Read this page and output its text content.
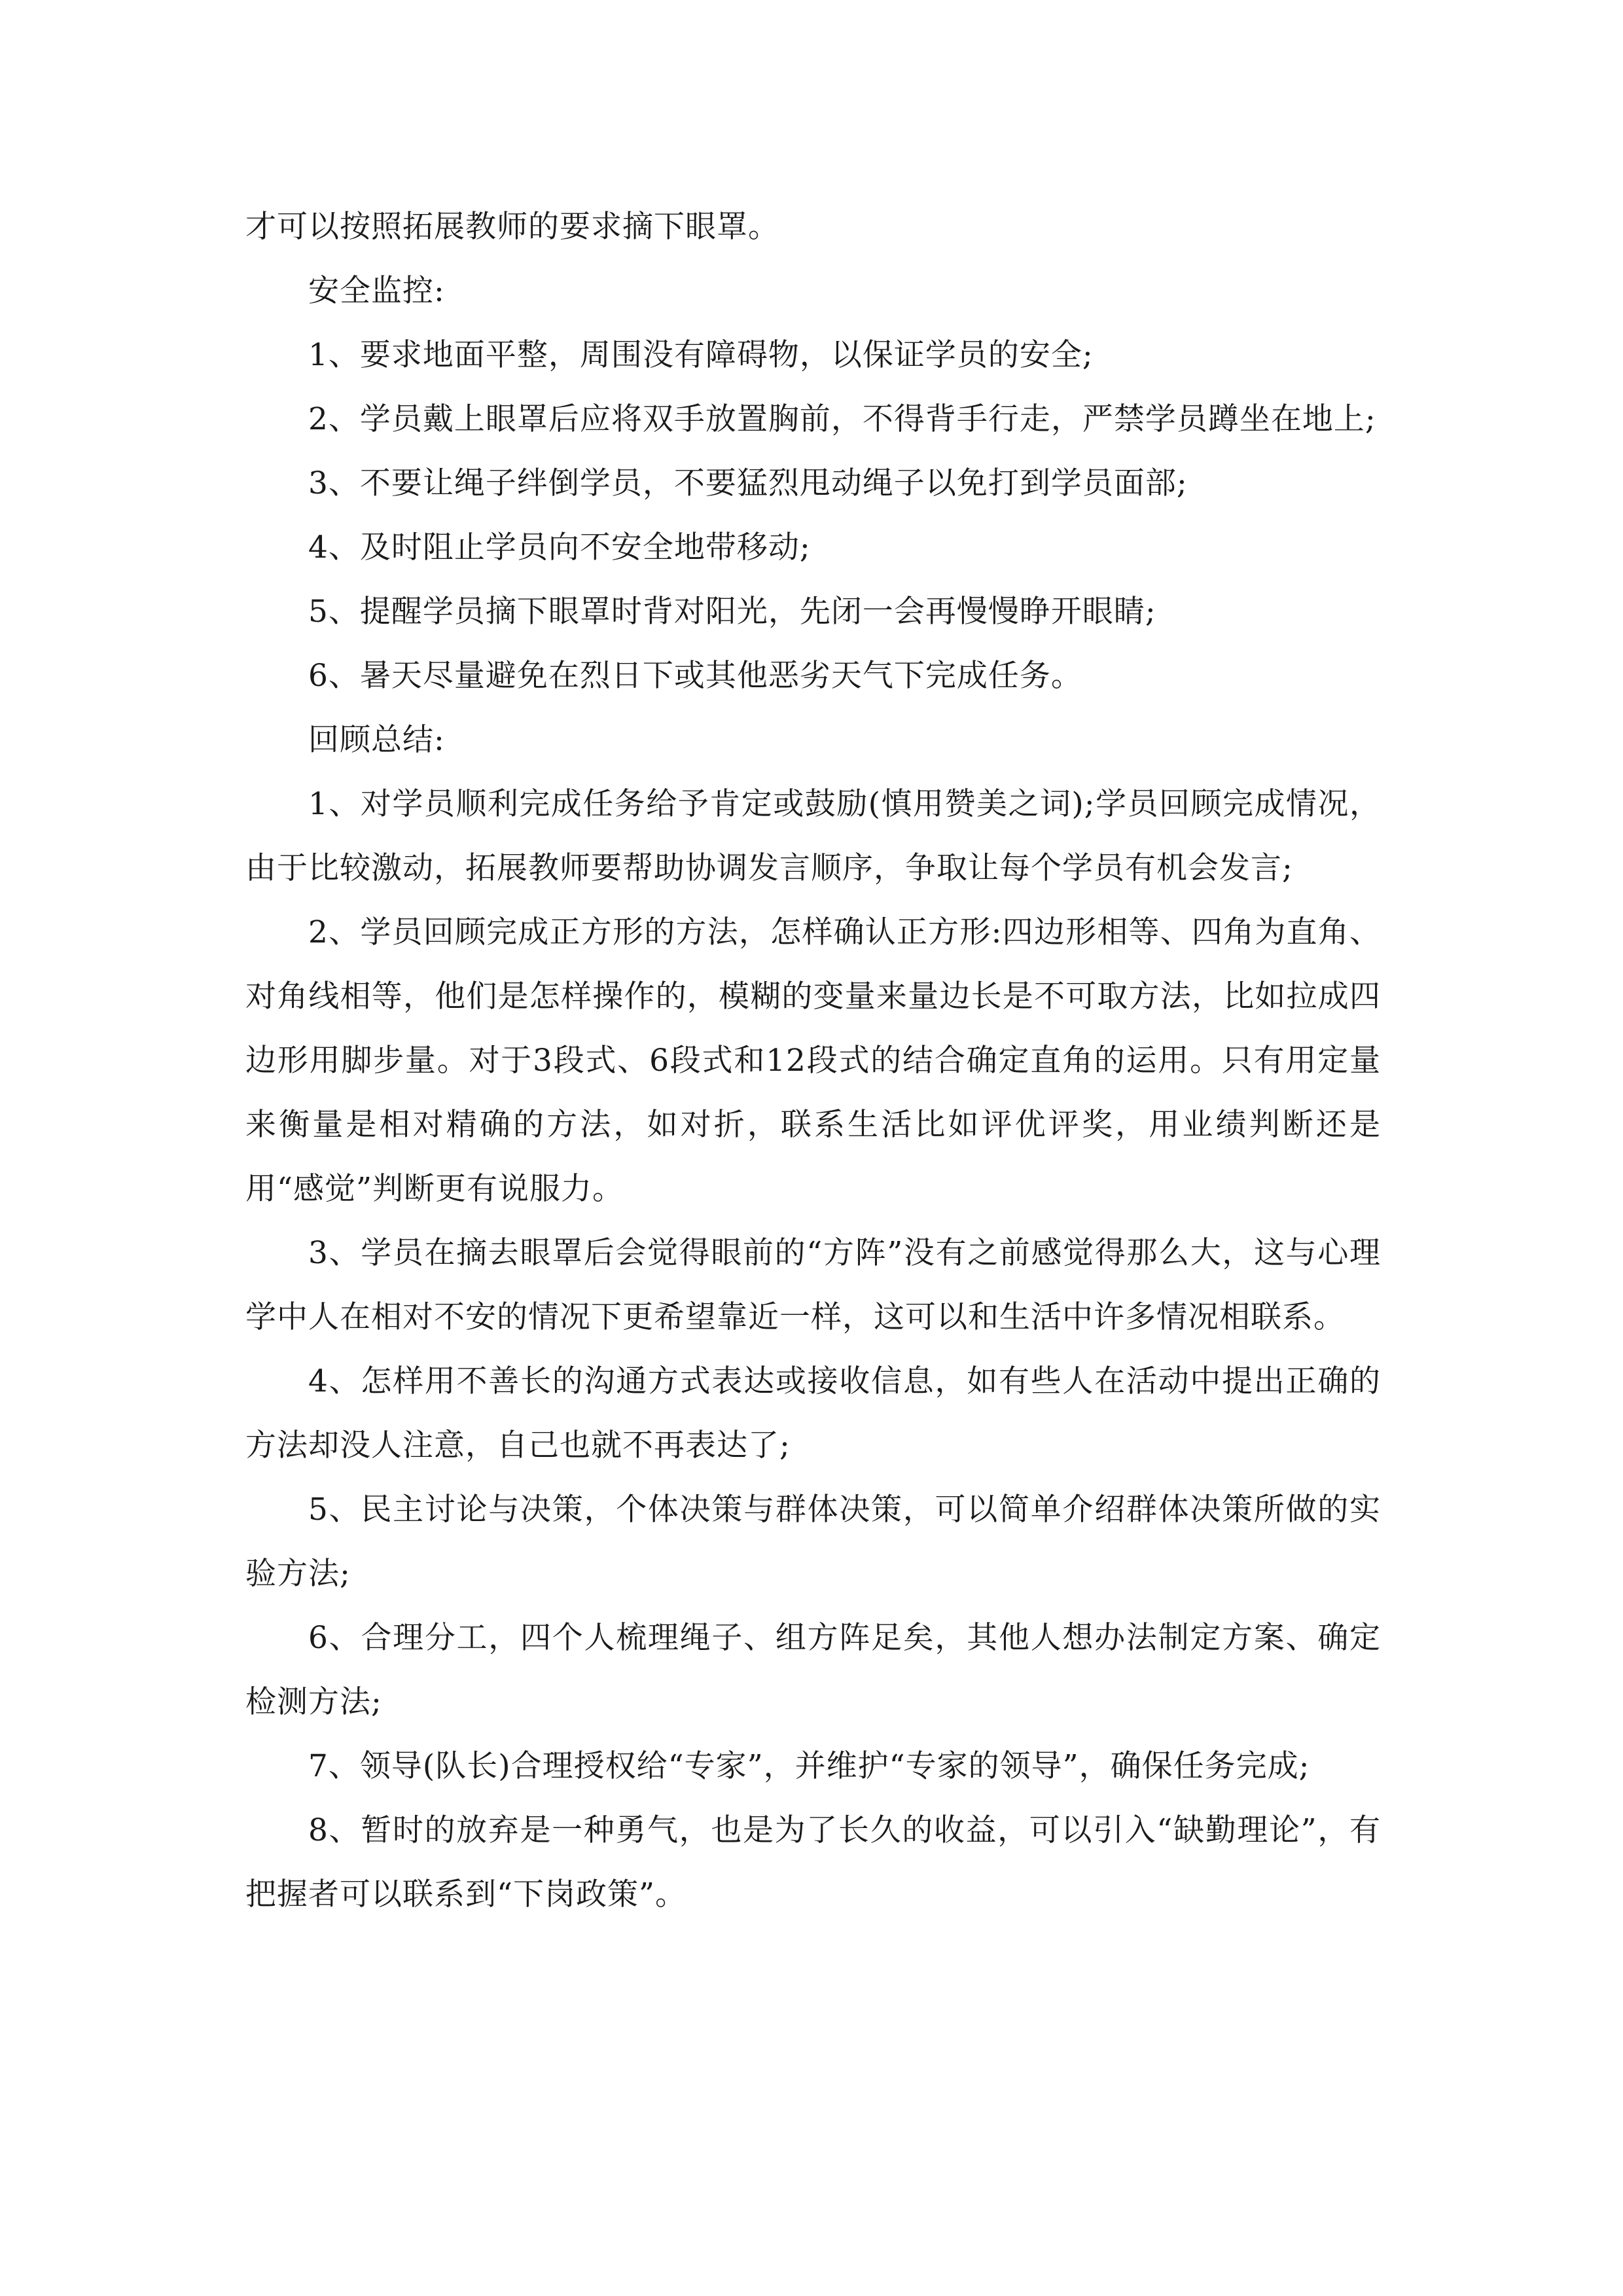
才可以按照拓展教师的要求摘下眼罩。

安全监控:

1、要求地面平整，周围没有障碍物，以保证学员的安全;

2、学员戴上眼罩后应将双手放置胸前，不得背手行走，严禁学员蹲坐在地上;

3、不要让绳子绊倒学员，不要猛烈甩动绳子以免打到学员面部;

4、及时阻止学员向不安全地带移动;

5、提醒学员摘下眼罩时背对阳光，先闭一会再慢慢睁开眼睛;

6、暑天尽量避免在烈日下或其他恶劣天气下完成任务。

回顾总结:

1、对学员顺利完成任务给予肯定或鼓励(慎用赞美之词);学员回顾完成情况，由于比较激动，拓展教师要帮助协调发言顺序，争取让每个学员有机会发言;

2、学员回顾完成正方形的方法，怎样确认正方形:四边形相等、四角为直角、对角线相等，他们是怎样操作的，模糊的变量来量边长是不可取方法，比如拉成四边形用脚步量。对于3段式、6段式和12段式的结合确定直角的运用。只有用定量来衡量是相对精确的方法，如对折，联系生活比如评优评奖，用业绩判断还是用“感觉”判断更有说服力。

3、学员在摘去眼罩后会觉得眼前的“方阵”没有之前感觉得那么大，这与心理学中人在相对不安的情况下更希望靠近一样，这可以和生活中许多情况相联系。

4、怎样用不善长的沟通方式表达或接收信息，如有些人在活动中提出正确的方法却没人注意，自己也就不再表达了;

5、民主讨论与决策，个体决策与群体决策，可以简单介绍群体决策所做的实验方法;

6、合理分工，四个人梳理绳子、组方阵足矣，其他人想办法制定方案、确定检测方法;

7、领导(队长)合理授权给“专家”，并维护“专家的领导”，确保任务完成;

8、暂时的放弃是一种勇气，也是为了长久的收益，可以引入“缺勤理论”，有把握者可以联系到“下岗政策”。
